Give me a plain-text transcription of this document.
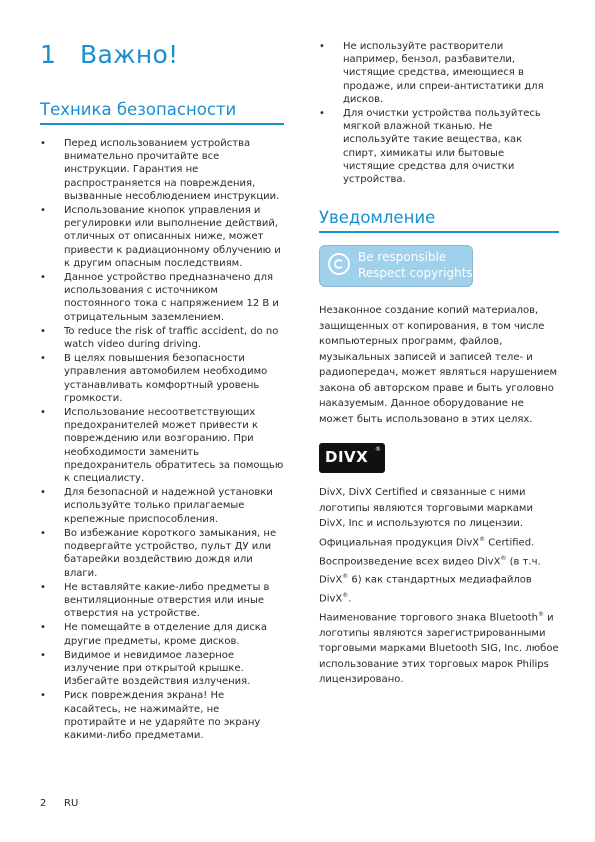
1 Важно!
Техника безопасности
• Перед использованием устройства внимательно прочитайте все инструкции. Гарантия не распространяется на повреждения, вызванные несоблюдением инструкции.
• Использование кнопок управления и регулировки или выполнение действий, отличных от описанных ниже, может привести к радиационному облучению и к другим опасным последствиям.
• Данное устройство предназначено для использования с источником постоянного тока с напряжением 12 В и отрицательным заземлением.
• To reduce the risk of traffic accident, do no watch video during driving.
• В целях повышения безопасности управления автомобилем необходимо устанавливать комфортный уровень громкости.
• Использование несоответствующих предохранителей может привести к повреждению или возгоранию. При необходимости заменить предохранитель обратитесь за помощью к специалисту.
• Для безопасной и надежной установки используйте только прилагаемые крепежные приспособления.
• Во избежание короткого замыкания, не подвергайте устройство, пульт ДУ или батарейки воздействию дождя или влаги.
• Не вставляйте какие-либо предметы в вентиляционные отверстия или иные отверстия на устройстве.
• Не помещайте в отделение для диска другие предметы, кроме дисков.
• Видимое и невидимое лазерное излучение при открытой крышке. Избегайте воздействия излучения.
• Риск повреждения экрана! Не касайтесь, не нажимайте, не протирайте и не ударяйте по экрану какими-либо предметами.
• Не используйте растворители например, бензол, разбавители, чистящие средства, имеющиеся в продаже, или спреи-антистатики для дисков.
• Для очистки устройства пользуйтесь мягкой влажной тканью. Не используйте такие вещества, как спирт, химикаты или бытовые чистящие средства для очистки устройства.
Уведомление
Be responsible
Respect copyrights

Незаконное создание копий материалов, защищенных от копирования, в том числе компьютерных программ, файлов, музыкальных записей и записей теле- и радиопередач, может являться нарушением закона об авторском праве и быть уголовно наказуемым. Данное оборудование не может быть использовано в этих целях.

DIVX ®

DivX, DivX Certified и связанные с ними логотипы являются торговыми марками DivX, Inc и используются по лицензии. Официальная продукция DivX® Certified. Воспроизведение всех видео DivX® (в т.ч. DivX® 6) как стандартных медиафайлов DivX®.

Наименование торгового знака Bluetooth® и логотипы являются зарегистрированными торговыми марками Bluetooth SIG, Inc. любое использование этих торговых марок Philips лицензировано.

2 RU
